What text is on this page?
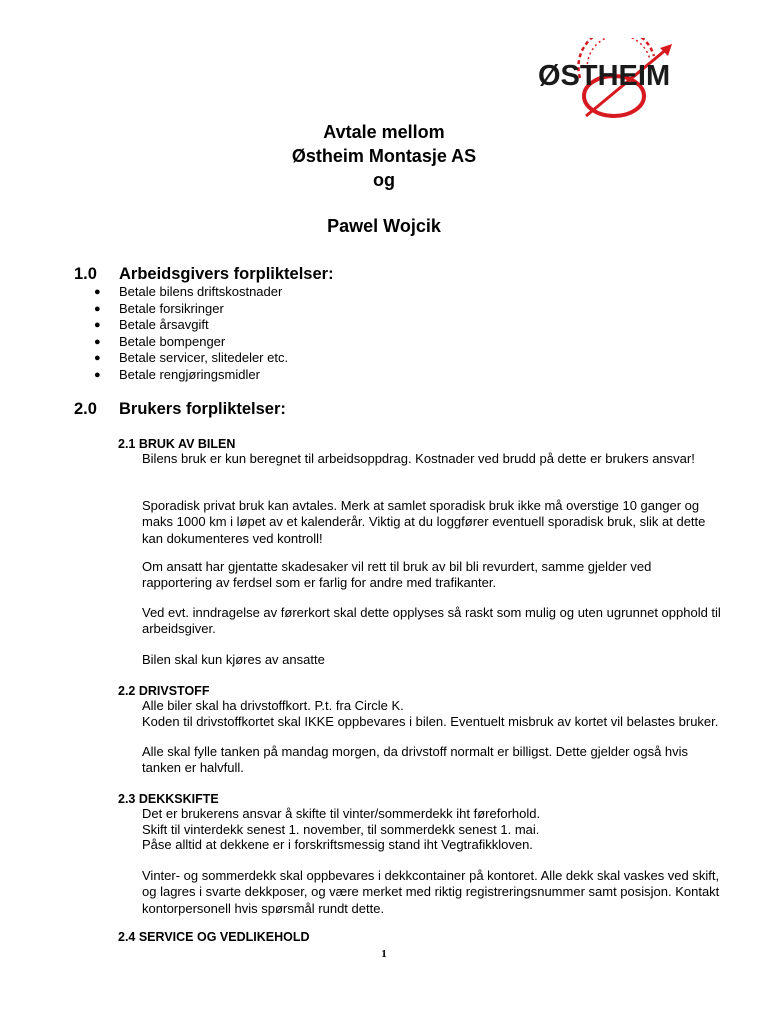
ØSTHEIM
Avtale mellom
Østheim Montasje AS
og
Pawel Wojcik
1.0 Arbeidsgivers forpliktelser:
● Betale bilens driftskostnader
● Betale forsikringer
● Betale årsavgift
● Betale bompenger
● Betale servicer, slitedeler etc.
● Betale rengjøringsmidler
2.0 Brukers forpliktelser:
2.1 BRUK AV BILEN

Bilens bruk er kun beregnet til arbeidsoppdrag. Kostnader ved brudd på dette er brukers ansvar!

Sporadisk privat bruk kan avtales. Merk at samlet sporadisk bruk ikke må overstige 10 ganger og maks 1000 km i løpet av et kalenderår. Viktig at du loggfører eventuell sporadisk bruk, slik at dette kan dokumenteres ved kontroll!

Om ansatt har gjentatte skadesaker vil rett til bruk av bil bli revurdert, samme gjelder ved rapportering av ferdsel som er farlig for andre med trafikanter.

Ved evt. inndragelse av førerkort skal dette opplyses så raskt som mulig og uten ugrunnet opphold til arbeidsgiver.

Bilen skal kun kjøres av ansatte

2.2 DRIVSTOFF

Alle biler skal ha drivstoffkort. P.t. fra Circle K.

Koden til drivstoffkortet skal IKKE oppbevares i bilen. Eventuelt misbruk av kortet vil belastes bruker.

Alle skal fylle tanken på mandag morgen, da drivstoff normalt er billigst. Dette gjelder også hvis tanken er halvfull.

2.3 DEKKSKIFTE

Det er brukerens ansvar å skifte til vinter/sommerdekk iht føreforhold.

Skift til vinterdekk senest 1. november, til sommerdekk senest 1. mai.

Påse alltid at dekkene er i forskriftsmessig stand iht Vegtrafikkloven.

Vinter- og sommerdekk skal oppbevares i dekkcontainer på kontoret. Alle dekk skal vaskes ved skift, og lagres i svarte dekkposer, og være merket med riktig registreringsnummer samt posisjon. Kontakt kontorpersonell hvis spørsmål rundt dette.

2.4 SERVICE OG VEDLIKEHOLD
1
